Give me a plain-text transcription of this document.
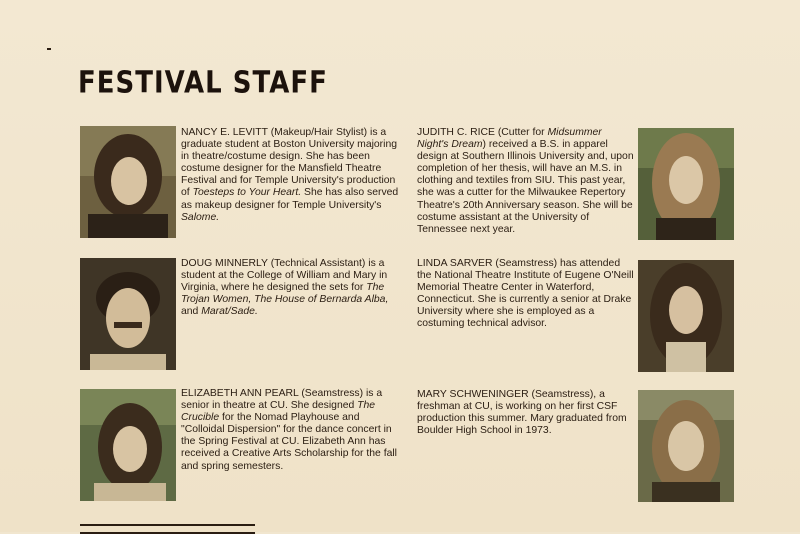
FESTIVAL STAFF
NANCY E. LEVITT (Makeup/Hair Stylist) is a graduate student at Boston University majoring in theatre/costume design. She has been costume designer for the Mansfield Theatre Festival and for Temple University's production of Toesteps to Your Heart. She has also served as makeup designer for Temple University's Salome.
JUDITH C. RICE (Cutter for Midsummer Night's Dream) received a B.S. in apparel design at Southern Illinois University and, upon completion of her thesis, will have an M.S. in clothing and textiles from SIU. This past year, she was a cutter for the Milwaukee Repertory Theatre's 20th Anniversary season. She will be costume assistant at the University of Tennessee next year.
DOUG MINNERLY (Technical Assistant) is a student at the College of William and Mary in Virginia, where he designed the sets for The Trojan Women, The House of Bernarda Alba, and Marat/Sade.
LINDA SARVER (Seamstress) has attended the National Theatre Institute of Eugene O'Neill Memorial Theatre Center in Waterford, Connecticut. She is currently a senior at Drake University where she is employed as a costuming technical advisor.
ELIZABETH ANN PEARL (Seamstress) is a senior in theatre at CU. She designed The Crucible for the Nomad Playhouse and "Colloidal Dispersion" for the dance concert in the Spring Festival at CU. Elizabeth Ann has received a Creative Arts Scholarship for the fall and spring semesters.
MARY SCHWENINGER (Seamstress), a freshman at CU, is working on her first CSF production this summer. Mary graduated from Boulder High School in 1973.
